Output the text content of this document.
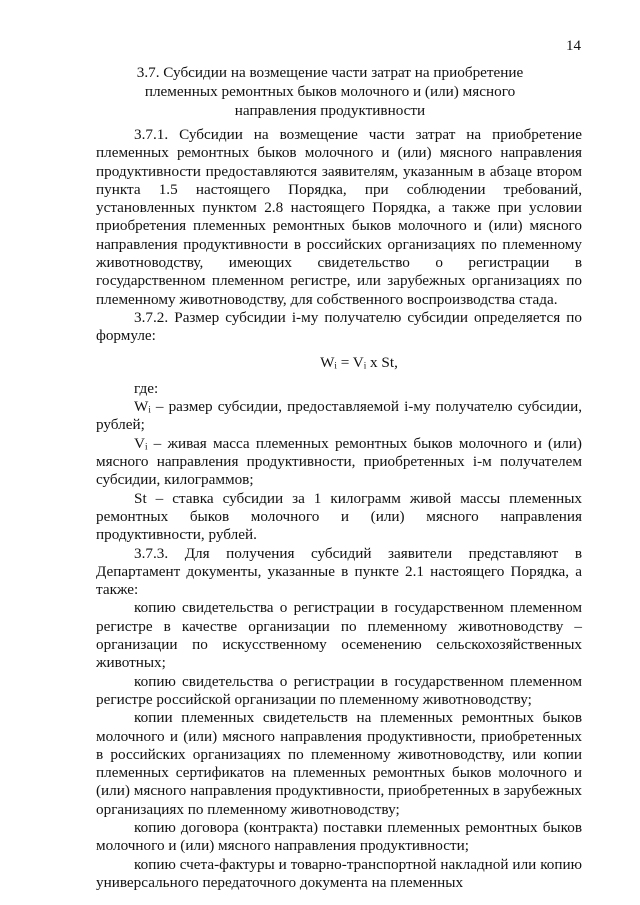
14
3.7. Субсидии на возмещение части затрат на приобретение
племенных ремонтных быков молочного и (или) мясного
направления продуктивности

3.7.1. Субсидии на возмещение части затрат на приобретение племенных ремонтных быков молочного и (или) мясного направления продуктивности предоставляются заявителям, указанным в абзаце втором пункта 1.5 настоящего Порядка, при соблюдении требований, установленных пунктом 2.8 настоящего Порядка, а также при условии приобретения племенных ремонтных быков молочного и (или) мясного направления продуктивности в российских организациях по племенному животноводству, имеющих свидетельство о регистрации в государственном племенном регистре, или зарубежных организациях по племенному животноводству, для собственного воспроизводства стада.

3.7.2. Размер субсидии i-му получателю субсидии определяется по формуле:

Wᵢ = Vᵢ x St,

где:

Wᵢ – размер субсидии, предоставляемой i-му получателю субсидии, рублей;

Vᵢ – живая масса племенных ремонтных быков молочного и (или) мясного направления продуктивности, приобретенных i-м получателем субсидии, килограммов;

St – ставка субсидии за 1 килограмм живой массы племенных ремонтных быков молочного и (или) мясного направления продуктивности, рублей.

3.7.3. Для получения субсидий заявители представляют в Департамент документы, указанные в пункте 2.1 настоящего Порядка, а также:

копию свидетельства о регистрации в государственном племенном регистре в качестве организации по племенному животноводству – организации по искусственному осеменению сельскохозяйственных животных;

копию свидетельства о регистрации в государственном племенном регистре российской организации по племенному животноводству;

копии племенных свидетельств на племенных ремонтных быков молочного и (или) мясного направления продуктивности, приобретенных в российских организациях по племенному животноводству, или копии племенных сертификатов на племенных ремонтных быков молочного и (или) мясного направления продуктивности, приобретенных в зарубежных организациях по племенному животноводству;

копию договора (контракта) поставки племенных ремонтных быков молочного и (или) мясного направления продуктивности;

копию счета-фактуры и товарно-транспортной накладной или копию универсального передаточного документа на племенных
